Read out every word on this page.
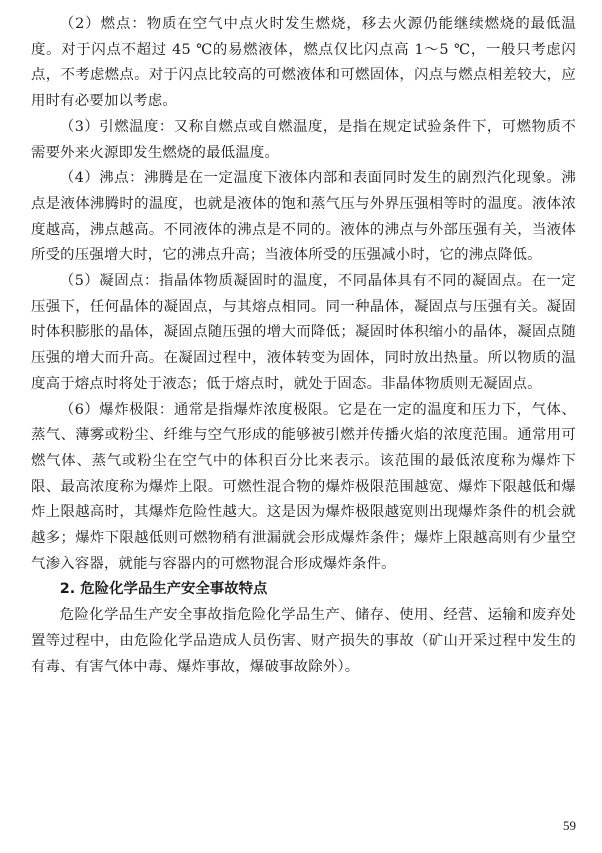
（2）燃点：物质在空气中点火时发生燃烧，移去火源仍能继续燃烧的最低温度。对于闪点不超过 45 ℃的易燃液体，燃点仅比闪点高 1～5 ℃，一般只考虑闪点，不考虑燃点。对于闪点比较高的可燃液体和可燃固体，闪点与燃点相差较大，应用时有必要加以考虑。

（3）引燃温度：又称自燃点或自燃温度，是指在规定试验条件下，可燃物质不需要外来火源即发生燃烧的最低温度。

（4）沸点：沸腾是在一定温度下液体内部和表面同时发生的剧烈汽化现象。沸点是液体沸腾时的温度，也就是液体的饱和蒸气压与外界压强相等时的温度。液体浓度越高，沸点越高。不同液体的沸点是不同的。液体的沸点与外部压强有关，当液体所受的压强增大时，它的沸点升高；当液体所受的压强减小时，它的沸点降低。

（5）凝固点：指晶体物质凝固时的温度，不同晶体具有不同的凝固点。在一定压强下，任何晶体的凝固点，与其熔点相同。同一种晶体，凝固点与压强有关。凝固时体积膨胀的晶体，凝固点随压强的增大而降低；凝固时体积缩小的晶体，凝固点随压强的增大而升高。在凝固过程中，液体转变为固体，同时放出热量。所以物质的温度高于熔点时将处于液态；低于熔点时，就处于固态。非晶体物质则无凝固点。

（6）爆炸极限：通常是指爆炸浓度极限。它是在一定的温度和压力下，气体、蒸气、薄雾或粉尘、纤维与空气形成的能够被引燃并传播火焰的浓度范围。通常用可燃气体、蒸气或粉尘在空气中的体积百分比来表示。该范围的最低浓度称为爆炸下限、最高浓度称为爆炸上限。可燃性混合物的爆炸极限范围越宽、爆炸下限越低和爆炸上限越高时，其爆炸危险性越大。这是因为爆炸极限越宽则出现爆炸条件的机会就越多；爆炸下限越低则可燃物稍有泄漏就会形成爆炸条件；爆炸上限越高则有少量空气渗入容器，就能与容器内的可燃物混合形成爆炸条件。

2. 危险化学品生产安全事故特点

危险化学品生产安全事故指危险化学品生产、储存、使用、经营、运输和废弃处置等过程中，由危险化学品造成人员伤害、财产损失的事故（矿山开采过程中发生的有毒、有害气体中毒、爆炸事故，爆破事故除外）。

59
